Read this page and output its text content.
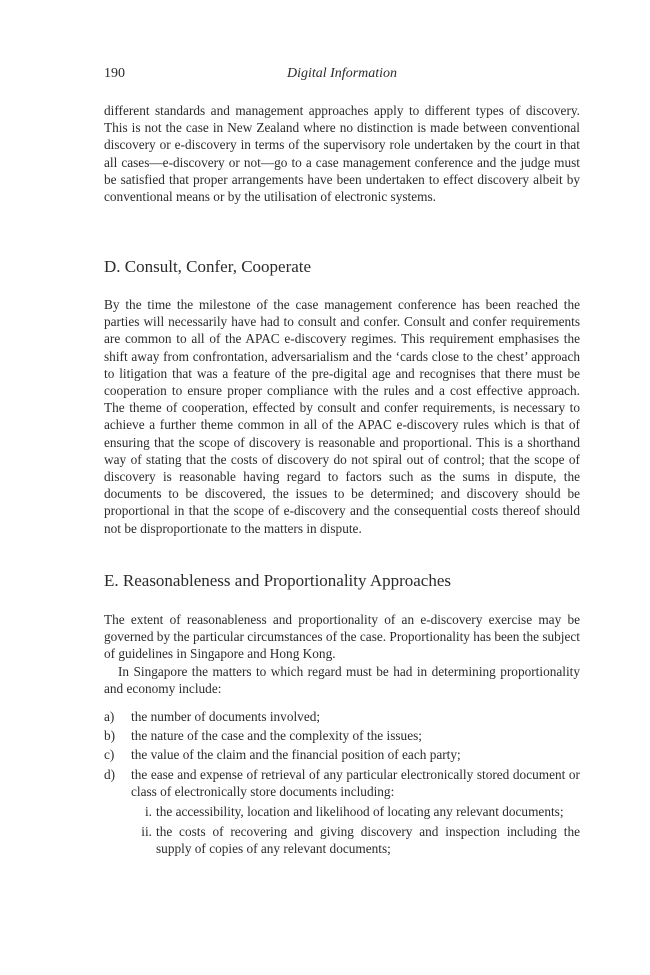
190	Digital Information

different standards and management approaches apply to different types of discovery. This is not the case in New Zealand where no distinction is made between conventional discovery or e-discovery in terms of the supervisory role undertaken by the court in that all cases—e-discovery or not—go to a case management conference and the judge must be satisfied that proper arrangements have been undertaken to effect discovery albeit by conventional means or by the utilisation of electronic systems.

D. Consult, Confer, Cooperate

By the time the milestone of the case management conference has been reached the parties will necessarily have had to consult and confer. Consult and confer requirements are common to all of the APAC e-discovery regimes. This requirement emphasises the shift away from confrontation, adversarialism and the ‘cards close to the chest’ approach to litigation that was a feature of the pre-digital age and recognises that there must be cooperation to ensure proper compliance with the rules and a cost effective approach. The theme of cooperation, effected by consult and confer requirements, is necessary to achieve a further theme common in all of the APAC e-discovery rules which is that of ensuring that the scope of discovery is reasonable and proportional. This is a shorthand way of stating that the costs of discovery do not spiral out of control; that the scope of discovery is reasonable having regard to factors such as the sums in dispute, the documents to be discovered, the issues to be determined; and discovery should be proportional in that the scope of e-discovery and the consequential costs thereof should not be disproportionate to the matters in dispute.

E. Reasonableness and Proportionality Approaches

The extent of reasonableness and proportionality of an e-discovery exercise may be governed by the particular circumstances of the case. Proportionality has been the subject of guidelines in Singapore and Hong Kong.

In Singapore the matters to which regard must be had in determining proportionality and economy include:

a) the number of documents involved;
b) the nature of the case and the complexity of the issues;
c) the value of the claim and the financial position of each party;
d) the ease and expense of retrieval of any particular electronically stored document or class of electronically store documents including:
i. the accessibility, location and likelihood of locating any relevant documents;
ii. the costs of recovering and giving discovery and inspection including the supply of copies of any relevant documents;
